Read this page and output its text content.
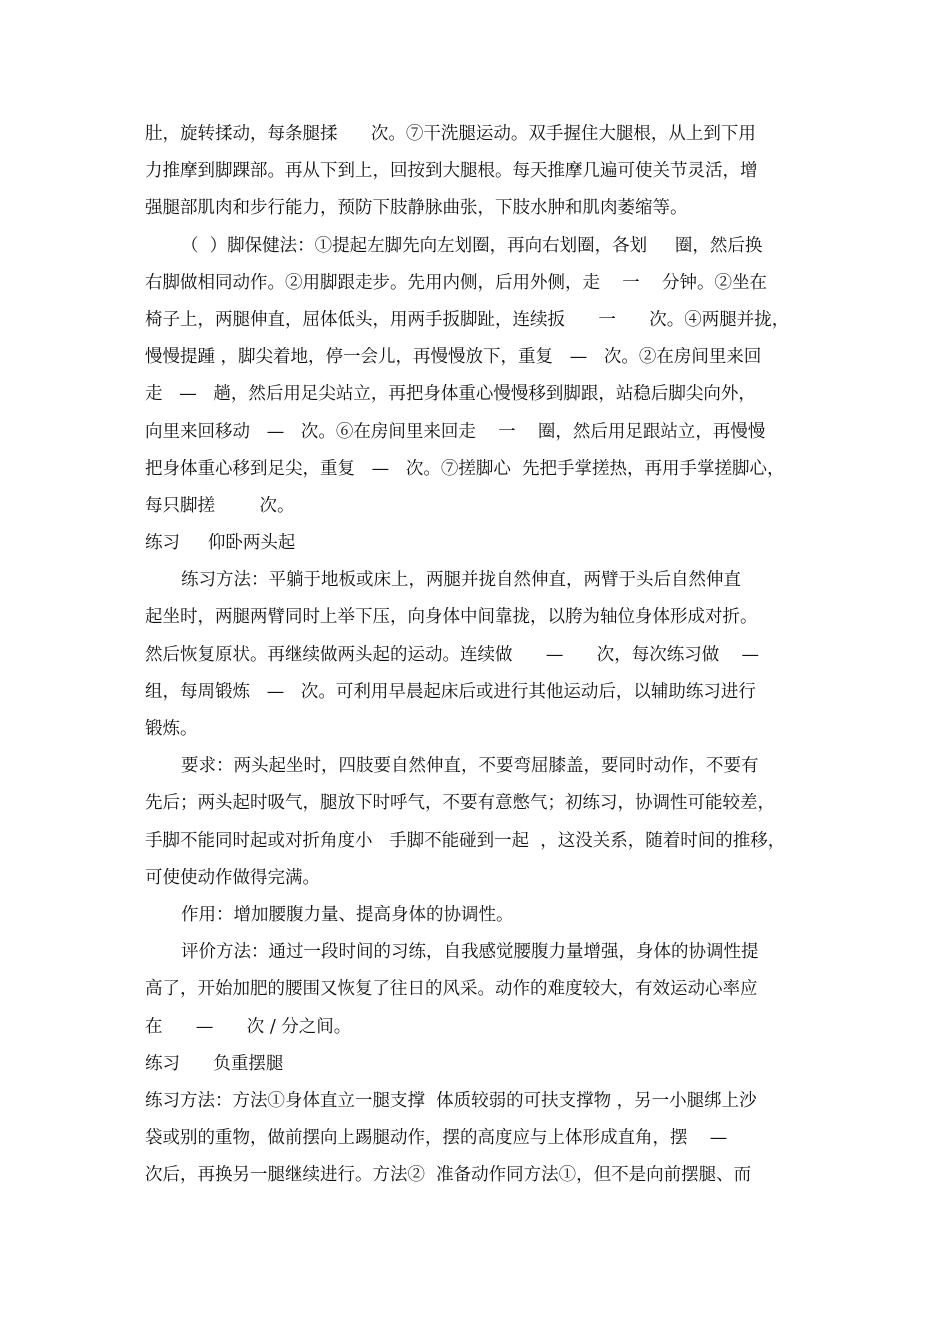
肚，旋转揉动，每条腿揉      次。⑦干洗腿运动。双手握住大腿根，从上到下用
力推摩到脚踝部。再从下到上，回按到大腿根。每天推摩几遍可使关节灵活，增
强腿部肌肉和步行能力，预防下肢静脉曲张，下肢水肿和肌肉萎缩等。
（  ）脚保健法：①提起左脚先向左划圈，再向右划圈，各划     圈，然后换
右脚做相同动作。②用脚跟走步。先用内侧，后用外侧，走    一    分钟。②坐在
椅子上，两腿伸直，屈体低头，用两手扳脚趾，连续扳      一      次。④两腿并拢，
慢慢提踵 ，脚尖着地，停一会儿，再慢慢放下，重复   —   次。②在房间里来回
走   —   趟，然后用足尖站立，再把身体重心慢慢移到脚跟，站稳后脚尖向外，
向里来回移动   —   次。⑥在房间里来回走    一    圈，然后用足跟站立，再慢慢
把身体重心移到足尖，重复   —   次。⑦搓脚心  先把手掌搓热，再用手掌搓脚心，
每只脚搓        次。
练习     仰卧两头起
练习方法：平躺于地板或床上，两腿并拢自然伸直，两臂于头后自然伸直
起坐时，两腿两臂同时上举下压，向身体中间靠拢，以胯为轴位身体形成对折。
然后恢复原状。再继续做两头起的运动。连续做      —      次，每次练习做    —
组，每周锻炼   —   次。可利用早晨起床后或进行其他运动后，以辅助练习进行
锻炼。
要求：两头起坐时，四肢要自然伸直，不要弯屈膝盖，要同时动作，不要有
先后；两头起时吸气，腿放下时呼气，不要有意憋气；初练习，协调性可能较差，
手脚不能同时起或对折角度小   手脚不能碰到一起  ，这没关系，随着时间的推移，
可使使动作做得完满。
作用：增加腰腹力量、提高身体的协调性。
评价方法：通过一段时间的习练，自我感觉腰腹力量增强，身体的协调性提
高了，开始加肥的腰围又恢复了往日的风采。动作的难度较大，有效运动心率应
在      —      次 / 分之间。
练习      负重摆腿
练习方法：方法①身体直立一腿支撑  体质较弱的可扶支撑物 ，另一小腿绑上沙
袋或别的重物，做前摆向上踢腿动作，摆的高度应与上体形成直角，摆    —
次后，再换另一腿继续进行。方法②  准备动作同方法①，但不是向前摆腿、而
